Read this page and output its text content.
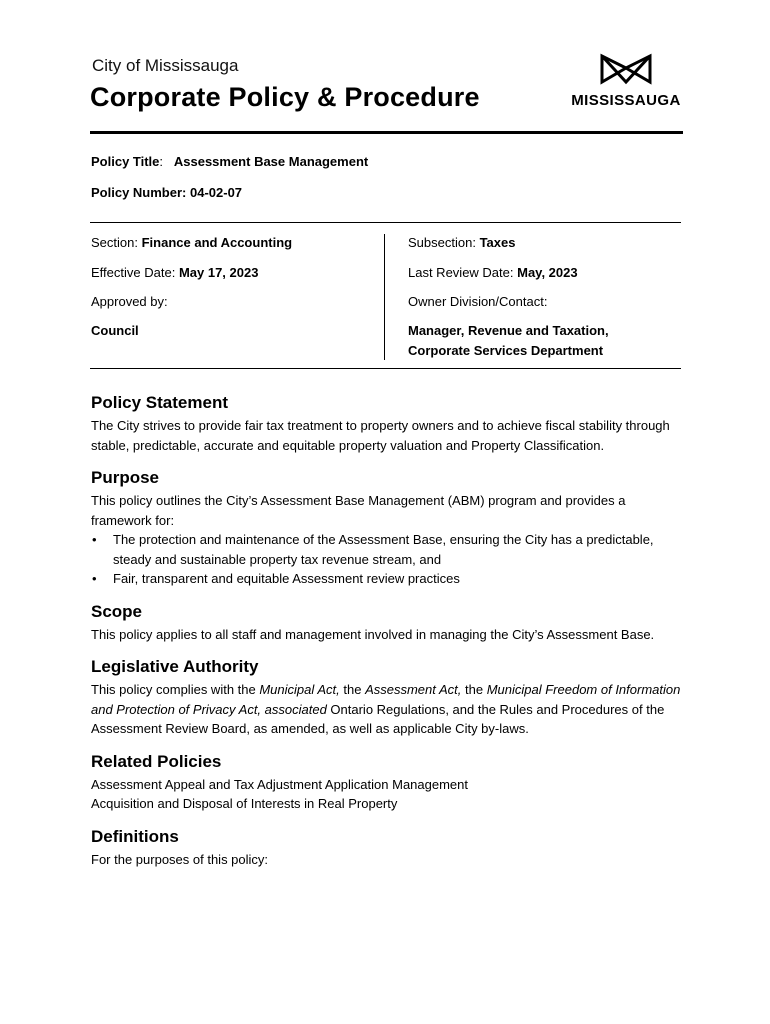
City of Mississauga
Corporate Policy & Procedure	MISSISSAUGA
Policy Title:   Assessment Base Management
Policy Number: 04-02-07
Section: Finance and Accounting	Subsection: Taxes
Effective Date: May 17, 2023	Last Review Date: May, 2023
Approved by:	Owner Division/Contact:
Council	Manager, Revenue and Taxation,
Corporate Services Department
Policy Statement

The City strives to provide fair tax treatment to property owners and to achieve fiscal stability through stable, predictable, accurate and equitable property valuation and Property Classification.

Purpose

This policy outlines the City’s Assessment Base Management (ABM) program and provides a framework for:

• The protection and maintenance of the Assessment Base, ensuring the City has a predictable, steady and sustainable property tax revenue stream, and
• Fair, transparent and equitable Assessment review practices
Scope

This policy applies to all staff and management involved in managing the City’s Assessment Base.

Legislative Authority

This policy complies with the Municipal Act, the Assessment Act, the Municipal Freedom of Information and Protection of Privacy Act, associated Ontario Regulations, and the Rules and Procedures of the Assessment Review Board, as amended, as well as applicable City by-laws.

Related Policies

Assessment Appeal and Tax Adjustment Application Management

Acquisition and Disposal of Interests in Real Property

Definitions

For the purposes of this policy:
